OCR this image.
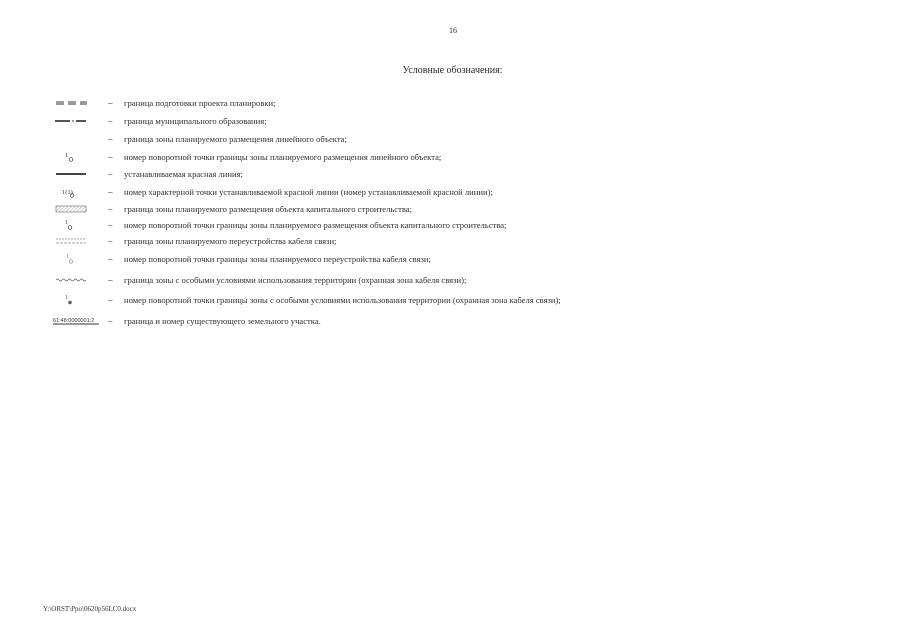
16
Условные обозначения:
– граница подготовки проекта планировки;
– граница муниципального образования;
– граница зоны планируемого размещения линейного объекта;
1	– номер поворотной точки границы зоны планируемого размещения линейного объекта;
– устанавливаемая красная линия;
1(1)	– номер характерной точки устанавливаемой красной линии (номер устанавливаемой красной линии);
– граница зоны планируемого размещения объекта капитального строительства;
1	– номер поворотной точки границы зоны планируемого размещения объекта капитального строительства;
– граница зоны планируемого переустройства кабеля связи;
1	– номер поворотной точки границы зоны планируемого переустройства кабеля связи;
– граница зоны с особыми условиями использования территории (охранная зона кабеля связи);
1	– номер поворотной точки границы зоны с особыми условиями использования территории (охранная зона кабеля связи);
61:48:0000001:2 – граница и номер существующего земельного участка.
Y:\ORST\Ppo\0620p56LC0.docx
